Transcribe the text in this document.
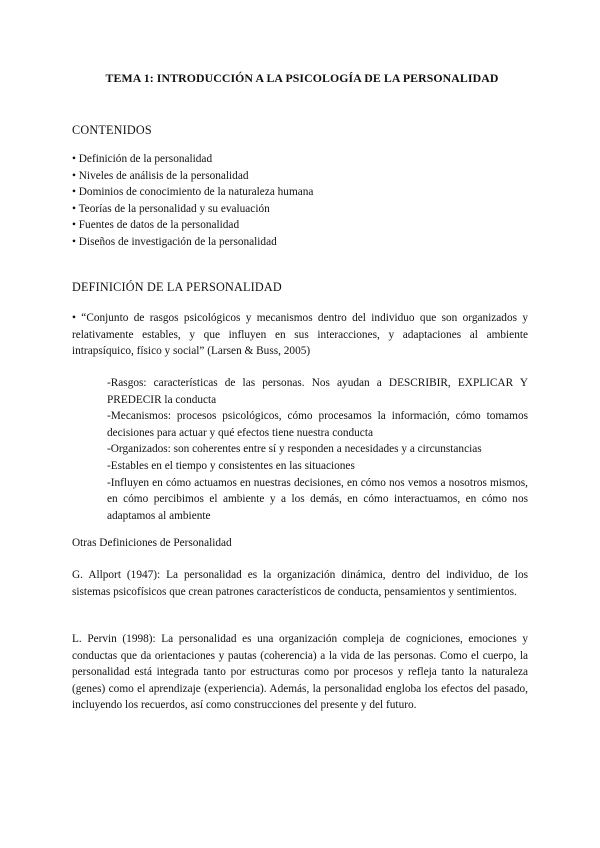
TEMA 1: INTRODUCCIÓN A LA PSICOLOGÍA DE LA PERSONALIDAD
CONTENIDOS
• Definición de la personalidad
• Niveles de análisis de la personalidad
• Dominios de conocimiento de la naturaleza humana
• Teorías de la personalidad y su evaluación
• Fuentes de datos de la personalidad
• Diseños de investigación de la personalidad
DEFINICIÓN DE LA PERSONALIDAD
• “Conjunto de rasgos psicológicos y mecanismos dentro del individuo que son organizados y relativamente estables, y que influyen en sus interacciones, y adaptaciones al ambiente intrapsíquico, físico y social” (Larsen & Buss, 2005)
-Rasgos: características de las personas. Nos ayudan a DESCRIBIR, EXPLICAR Y PREDECIR la conducta
-Mecanismos: procesos psicológicos, cómo procesamos la información, cómo tomamos decisiones para actuar y qué efectos tiene nuestra conducta
-Organizados: son coherentes entre sí y responden a necesidades y a circunstancias
-Estables en el tiempo y consistentes en las situaciones
-Influyen en cómo actuamos en nuestras decisiones, en cómo nos vemos a nosotros mismos, en cómo percibimos el ambiente y a los demás, en cómo interactuamos, en cómo nos adaptamos al ambiente
Otras Definiciones de Personalidad
G. Allport (1947): La personalidad es la organización dinámica, dentro del individuo, de los sistemas psicofísicos que crean patrones característicos de conducta, pensamientos y sentimientos.
L. Pervin (1998): La personalidad es una organización compleja de cogniciones, emociones y conductas que da orientaciones y pautas (coherencia) a la vida de las personas. Como el cuerpo, la personalidad está integrada tanto por estructuras como por procesos y refleja tanto la naturaleza (genes) como el aprendizaje (experiencia). Además, la personalidad engloba los efectos del pasado, incluyendo los recuerdos, así como construcciones del presente y del futuro.
